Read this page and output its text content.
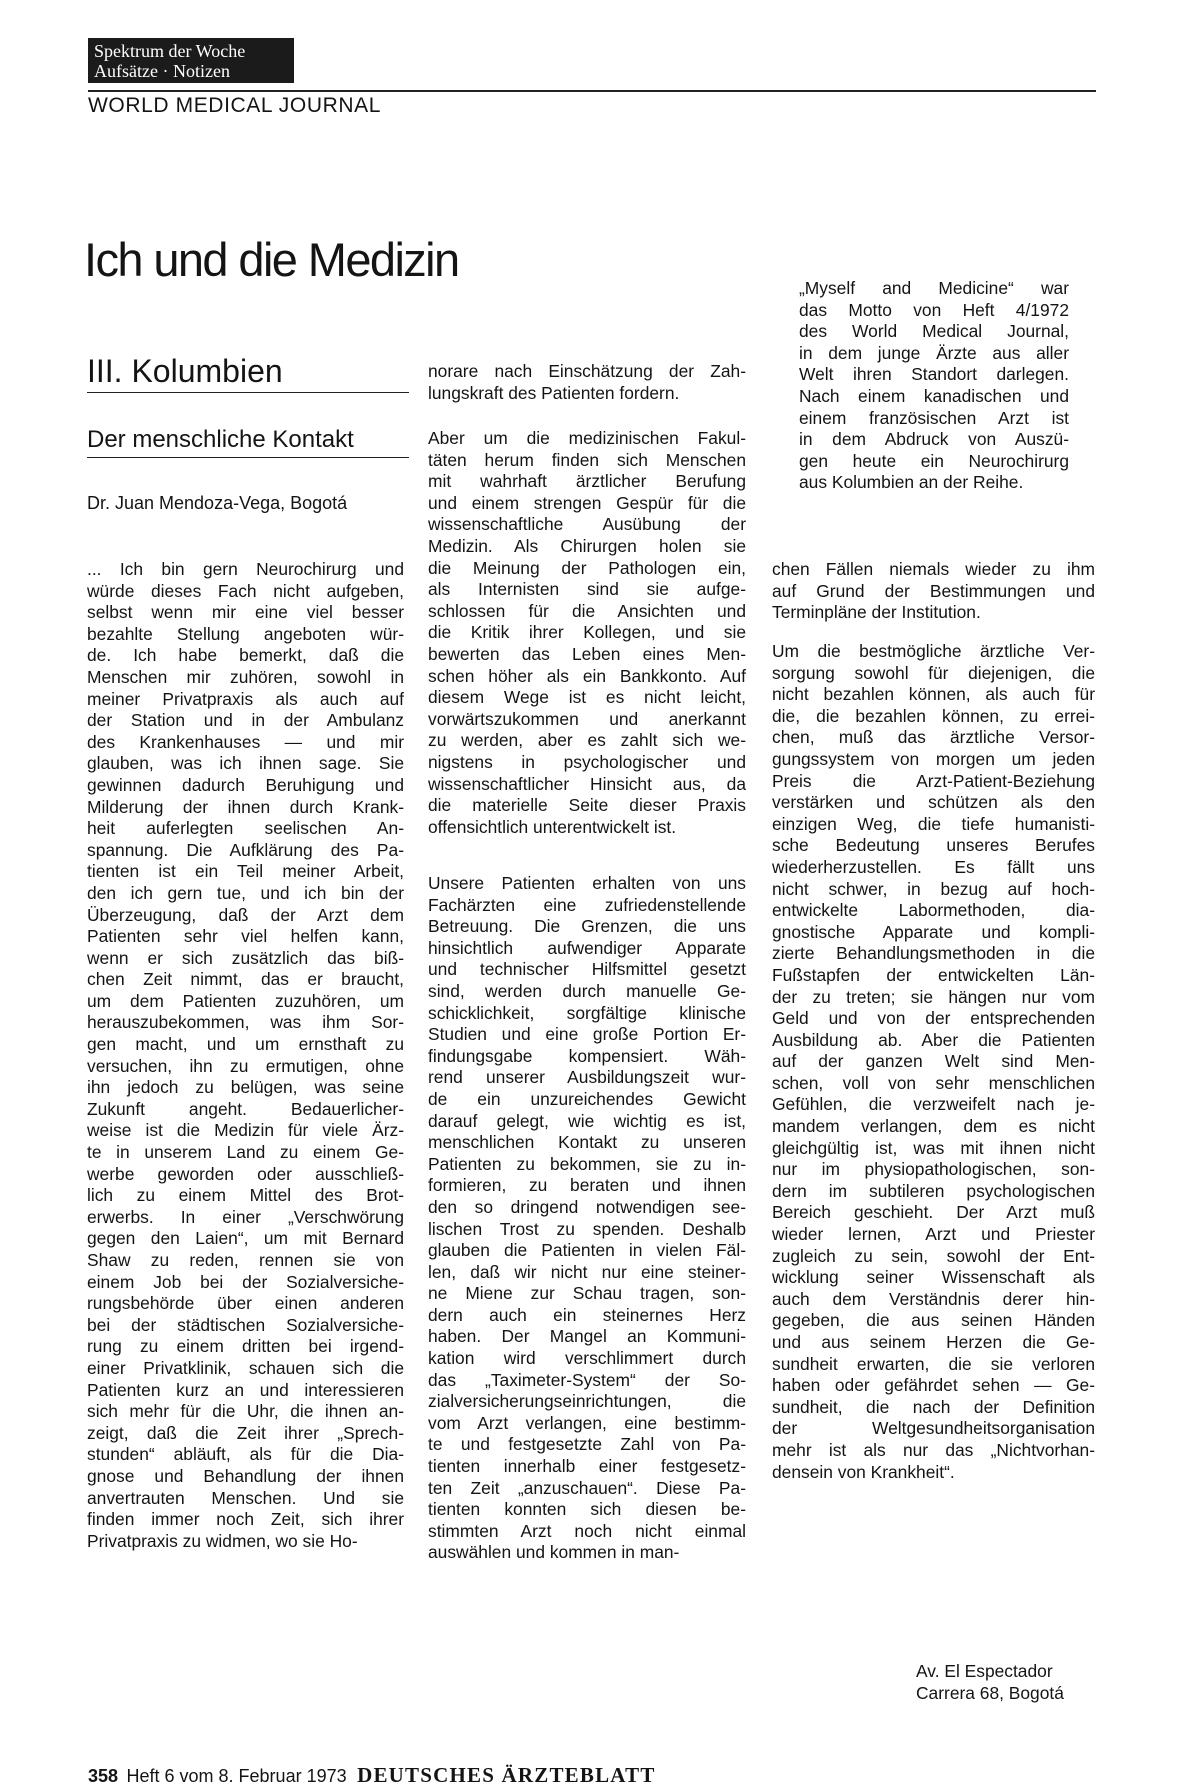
Spektrum der Woche
Aufsätze · Notizen
WORLD MEDICAL JOURNAL
Ich und die Medizin
III. Kolumbien
Der menschliche Kontakt
Dr. Juan Mendoza-Vega, Bogotá
... Ich bin gern Neurochirurg und
würde dieses Fach nicht aufgeben,
selbst wenn mir eine viel besser
bezahlte Stellung angeboten wür-
de. Ich habe bemerkt, daß die
Menschen mir zuhören, sowohl in
meiner Privatpraxis als auch auf
der Station und in der Ambulanz
des Krankenhauses — und mir
glauben, was ich ihnen sage. Sie
gewinnen dadurch Beruhigung und
Milderung der ihnen durch Krank-
heit auferlegten seelischen An-
spannung. Die Aufklärung des Pa-
tienten ist ein Teil meiner Arbeit,
den ich gern tue, und ich bin der
Überzeugung, daß der Arzt dem
Patienten sehr viel helfen kann,
wenn er sich zusätzlich das biß-
chen Zeit nimmt, das er braucht,
um dem Patienten zuzuhören, um
herauszubekommen, was ihm Sor-
gen macht, und um ernsthaft zu
versuchen, ihn zu ermutigen, ohne
ihn jedoch zu belügen, was seine
Zukunft angeht. Bedauerlicher-
weise ist die Medizin für viele Ärz-
te in unserem Land zu einem Ge-
werbe geworden oder ausschließ-
lich zu einem Mittel des Brot-
erwerbs. In einer „Verschwörung
gegen den Laien“, um mit Bernard
Shaw zu reden, rennen sie von
einem Job bei der Sozialversiche-
rungsbehörde über einen anderen
bei der städtischen Sozialversiche-
rung zu einem dritten bei irgend-
einer Privatklinik, schauen sich die
Patienten kurz an und interessieren
sich mehr für die Uhr, die ihnen an-
zeigt, daß die Zeit ihrer „Sprech-
stunden“ abläuft, als für die Dia-
gnose und Behandlung der ihnen
anvertrauten Menschen. Und sie
finden immer noch Zeit, sich ihrer
Privatpraxis zu widmen, wo sie Ho-
norare nach Einschätzung der Zah-
lungskraft des Patienten fordern.
Aber um die medizinischen Fakul-
täten herum finden sich Menschen
mit wahrhaft ärztlicher Berufung
und einem strengen Gespür für die
wissenschaftliche Ausübung der
Medizin. Als Chirurgen holen sie
die Meinung der Pathologen ein,
als Internisten sind sie aufge-
schlossen für die Ansichten und
die Kritik ihrer Kollegen, und sie
bewerten das Leben eines Men-
schen höher als ein Bankkonto. Auf
diesem Wege ist es nicht leicht,
vorwärtszukommen und anerkannt
zu werden, aber es zahlt sich we-
nigstens in psychologischer und
wissenschaftlicher Hinsicht aus, da
die materielle Seite dieser Praxis
offensichtlich unterentwickelt ist.
Unsere Patienten erhalten von uns
Fachärzten eine zufriedenstellende
Betreuung. Die Grenzen, die uns
hinsichtlich aufwendiger Apparate
und technischer Hilfsmittel gesetzt
sind, werden durch manuelle Ge-
schicklichkeit, sorgfältige klinische
Studien und eine große Portion Er-
findungsgabe kompensiert. Wäh-
rend unserer Ausbildungszeit wur-
de ein unzureichendes Gewicht
darauf gelegt, wie wichtig es ist,
menschlichen Kontakt zu unseren
Patienten zu bekommen, sie zu in-
formieren, zu beraten und ihnen
den so dringend notwendigen see-
lischen Trost zu spenden. Deshalb
glauben die Patienten in vielen Fäl-
len, daß wir nicht nur eine steiner-
ne Miene zur Schau tragen, son-
dern auch ein steinernes Herz
haben. Der Mangel an Kommuni-
kation wird verschlimmert durch
das „Taximeter-System“ der So-
zialversicherungseinrichtungen, die
vom Arzt verlangen, eine bestimm-
te und festgesetzte Zahl von Pa-
tienten innerhalb einer festgesetz-
ten Zeit „anzuschauen“. Diese Pa-
tienten konnten sich diesen be-
stimmten Arzt noch nicht einmal
auswählen und kommen in man-
„Myself and Medicine“ war
das Motto von Heft 4/1972
des World Medical Journal,
in dem junge Ärzte aus aller
Welt ihren Standort darlegen.
Nach einem kanadischen und
einem französischen Arzt ist
in dem Abdruck von Auszü-
gen heute ein Neurochirurg
aus Kolumbien an der Reihe.
chen Fällen niemals wieder zu ihm
auf Grund der Bestimmungen und
Terminpläne der Institution.
Um die bestmögliche ärztliche Ver-
sorgung sowohl für diejenigen, die
nicht bezahlen können, als auch für
die, die bezahlen können, zu errei-
chen, muß das ärztliche Versor-
gungssystem von morgen um jeden
Preis die Arzt-Patient-Beziehung
verstärken und schützen als den
einzigen Weg, die tiefe humanisti-
sche Bedeutung unseres Berufes
wiederherzustellen. Es fällt uns
nicht schwer, in bezug auf hoch-
entwickelte Labormethoden, dia-
gnostische Apparate und kompli-
zierte Behandlungsmethoden in die
Fußstapfen der entwickelten Län-
der zu treten; sie hängen nur vom
Geld und von der entsprechenden
Ausbildung ab. Aber die Patienten
auf der ganzen Welt sind Men-
schen, voll von sehr menschlichen
Gefühlen, die verzweifelt nach je-
mandem verlangen, dem es nicht
gleichgültig ist, was mit ihnen nicht
nur im physiopathologischen, son-
dern im subtileren psychologischen
Bereich geschieht. Der Arzt muß
wieder lernen, Arzt und Priester
zugleich zu sein, sowohl der Ent-
wicklung seiner Wissenschaft als
auch dem Verständnis derer hin-
gegeben, die aus seinen Händen
und aus seinem Herzen die Ge-
sundheit erwarten, die sie verloren
haben oder gefährdet sehen — Ge-
sundheit, die nach der Definition
der Weltgesundheitsorganisation
mehr ist als nur das „Nichtvorhan-
densein von Krankheit“.
Av. El Espectador
Carrera 68, Bogotá
358 Heft 6 vom 8. Februar 1973 DEUTSCHES ÄRZTEBLATT
